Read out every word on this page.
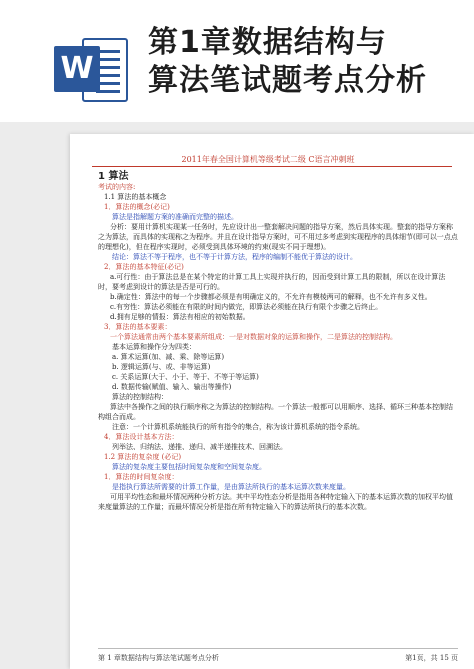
W
第1章数据结构与
算法笔试题考点分析
2011年春全国计算机等级考试二级 C语言冲刺班

1 算法

考试的内容:

1.1 算法的基本概念

1．算法的概念(必记)

算法是指解题方案的准确而完整的描述。

分析：要用计算机实现某一任务时，先应设计出一整套解决问题的指导方案，然后具体实现。整套的指导方案称之为算法，而具体的实现称之为程序。并且在设计指导方案时，可不用过多考虑到实现程序的具体细节(即可以一点点的理想化)，但在程序实现时，必须受到具体环境的约束(现实不同于理想)。

结论：算法不等于程序，也不等于计算方法，程序的编制不能优于算法的设计。

2．算法的基本特征(必记)

a.可行性：由于算法总是在某个特定的计算工具上实现并执行的，因而受到计算工具的限制，所以在设计算法时，要考虑到设计的算法是否是可行的。

b.确定性：算法中的每一个步骤都必须是有明确定义的，不允许有模棱两可的解释，也不允许有多义性。

c.有穷性：算法必须能在有限的时间内做完，即算法必须能在执行有限个步骤之后终止。

d.拥有足够的情报：算法有相应的初始数据。

3．算法的基本要素：

一个算法通常由两个基本要素所组成：一是对数据对象的运算和操作，二是算法的控制结构。

基本运算和操作分为四类：

a. 算术运算(加、减、乘、除等运算)

b. 逻辑运算(与、或、非等运算)

c. 关系运算(大于、小于、等于、不等于等运算)

d. 数据传输(赋值、输入、输出等操作)

算法的控制结构：

算法中各操作之间的执行顺序称之为算法的控制结构。一个算法一般都可以用顺序、选择、循环三种基本控制结构组合而成。

注意：一个计算机系统能执行的所有指令的集合，称为该计算机系统的指令系统。

4．算法设计基本方法：

列举法、归纳法、递推、递归、减半递推技术、回溯法。

1.2 算法的复杂度 (必记)

算法的复杂度主要包括时间复杂度和空间复杂度。

1．算法的时间复杂度：

是指执行算法所需要的计算工作量，是由算法所执行的基本运算次数来度量。

可用平均性态和最坏情况两种分析方法。其中平均性态分析是指用各种特定输入下的基本运算次数的加权平均值来度量算法的工作量；而最坏情况分析是指在所有特定输入下的算法所执行的基本次数。

第 1 章数据结构与算法笔试题考点分析	第1页，共 15 页
